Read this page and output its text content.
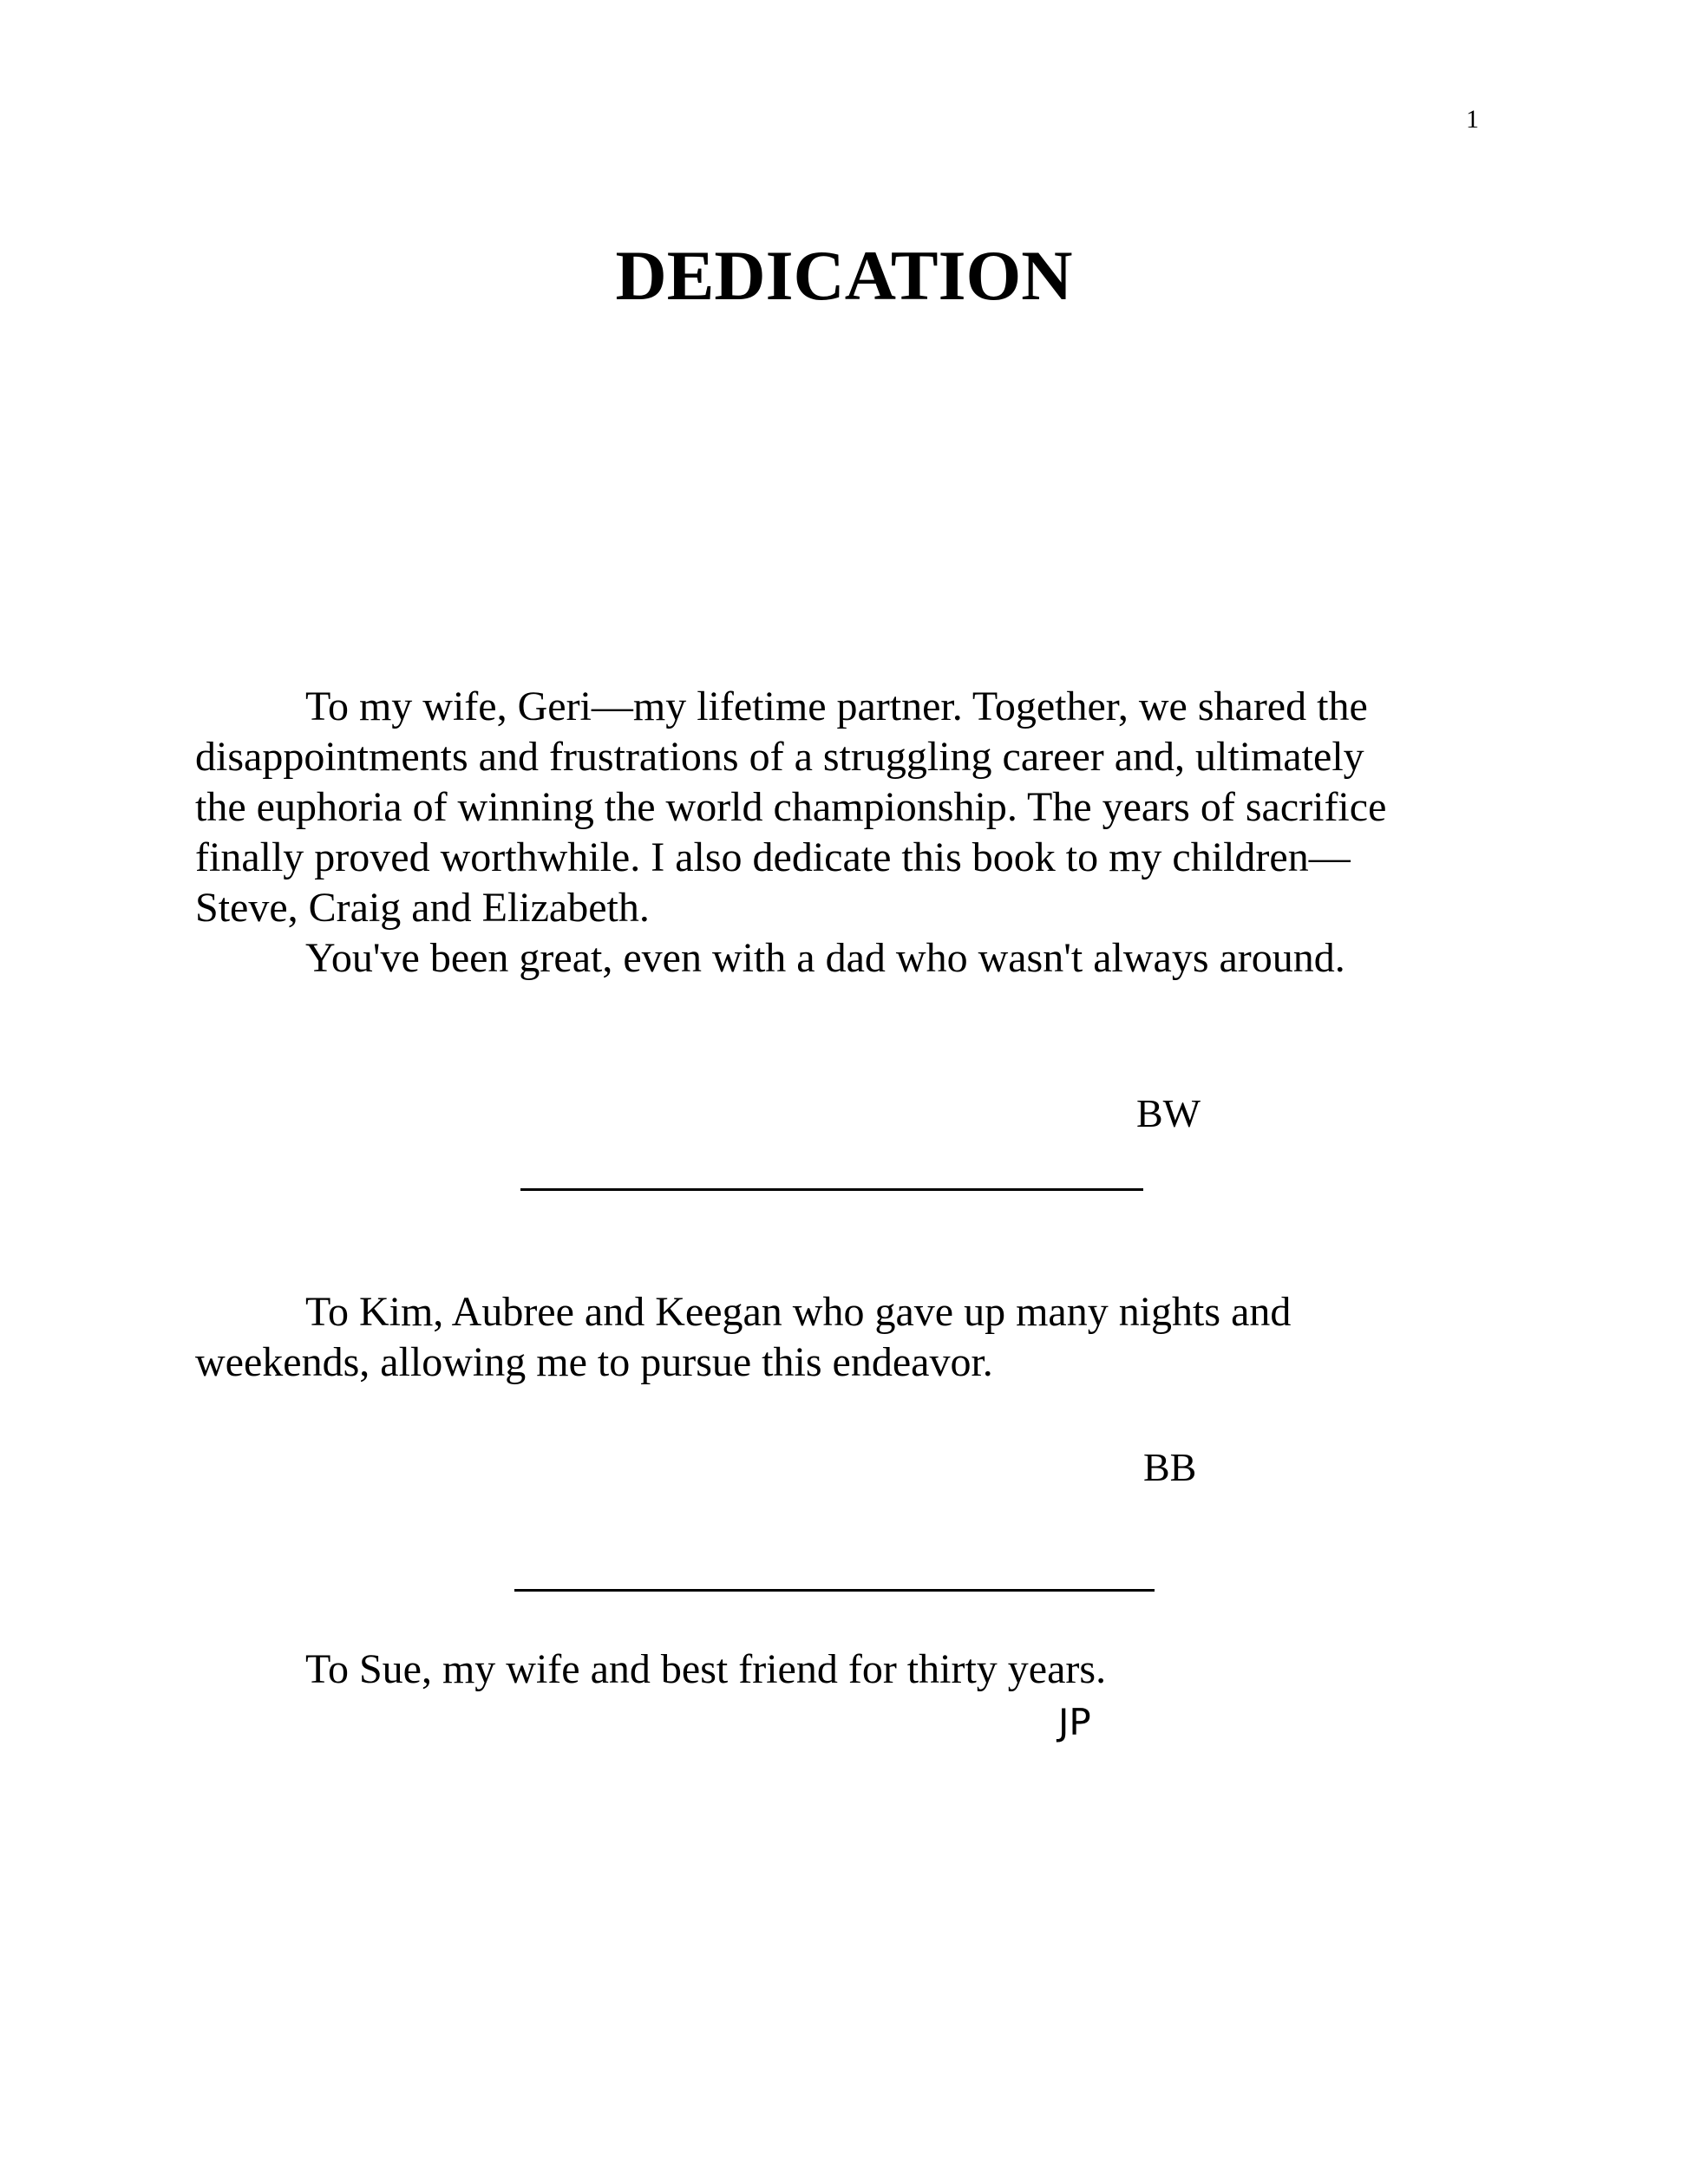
1
DEDICATION

To my wife, Geri—my lifetime partner. Together, we shared the

disappointments and frustrations of a struggling career and, ultimately

the euphoria of winning the world championship. The years of sacrifice

finally proved worthwhile. I also dedicate this book to my children—

Steve, Craig and Elizabeth.

You've been great, even with a dad who wasn't always around.

BW

To Kim, Aubree and Keegan who gave up many nights and

weekends, allowing me to pursue this endeavor.

BB

To Sue, my wife and best friend for thirty years.

JP
